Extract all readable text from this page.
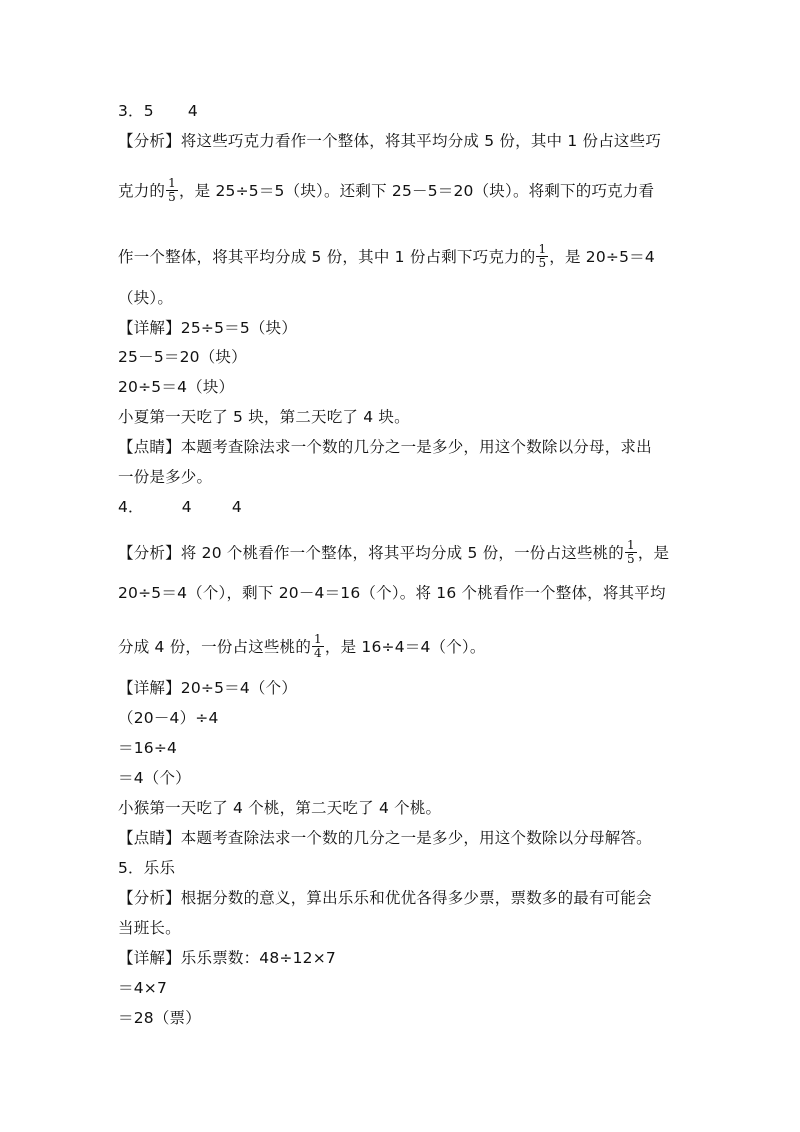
3．5 4
【分析】将这些巧克力看作一个整体，将其平均分成 5 份，其中 1 份占这些巧
克力的 $\frac{1}{5}$ ，是 25÷5＝5（块）。还剩下 25－5＝20（块）。将剩下的巧克力看
作一个整体，将其平均分成 5 份，其中 1 份占剩下巧克力的 $\frac{1}{5}$ ，是 20÷5＝4
（块）。
【详解】25÷5＝5（块）
25－5＝20（块）
20÷5＝4（块）
小夏第一天吃了 5 块，第二天吃了 4 块。
【点睛】本题考查除法求一个数的几分之一是多少，用这个数除以分母，求出
一份是多少。
4． 4	4
【分析】将 20 个桃看作一个整体，将其平均分成 5 份，一份占这些桃的 $\frac{1}{5}$ ，是
20÷5＝4（个），剩下 20－4＝16（个）。将 16 个桃看作一个整体，将其平均
分成 4 份，一份占这些桃的 $\frac{1}{4}$ ，是 16÷4＝4（个）。
【详解】20÷5＝4（个）
（20－4）÷4
＝16÷4
＝4（个）
小猴第一天吃了 4 个桃，第二天吃了 4 个桃。
【点睛】本题考查除法求一个数的几分之一是多少，用这个数除以分母解答。
5．乐乐
【分析】根据分数的意义，算出乐乐和优优各得多少票，票数多的最有可能会
当班长。
【详解】乐乐票数：48÷12×7
＝4×7
＝28（票）
